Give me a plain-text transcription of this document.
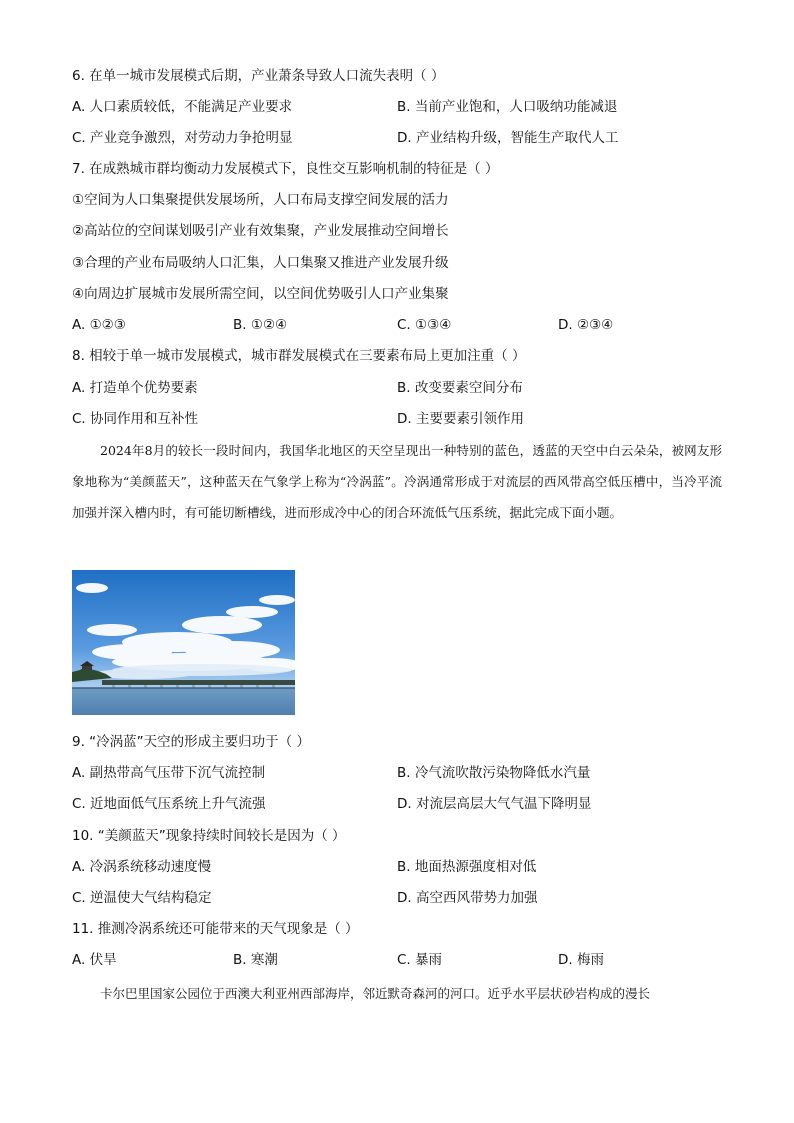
6. 在单一城市发展模式后期，产业萧条导致人口流失表明（ ）
A. 人口素质较低，不能满足产业要求	B. 当前产业饱和，人口吸纳功能减退
C. 产业竞争激烈，对劳动力争抢明显	D. 产业结构升级，智能生产取代人工
7. 在成熟城市群均衡动力发展模式下，良性交互影响机制的特征是（ ）
①空间为人口集聚提供发展场所，人口布局支撑空间发展的活力
②高站位的空间谋划吸引产业有效集聚，产业发展推动空间增长
③合理的产业布局吸纳人口汇集，人口集聚又推进产业发展升级
④向周边扩展城市发展所需空间，以空间优势吸引人口产业集聚
A. ①②③	B. ①②④	C. ①③④	D. ②③④
8. 相较于单一城市发展模式，城市群发展模式在三要素布局上更加注重（ ）
A. 打造单个优势要素	B. 改变要素空间分布
C. 协同作用和互补性	D. 主要要素引领作用
2024年8月的较长一段时间内，我国华北地区的天空呈现出一种特别的蓝色，透蓝的天空中白云朵朵，被网友形象地称为“美颜蓝天”，这种蓝天在气象学上称为“冷涡蓝”。冷涡通常形成于对流层的西风带高空低压槽中，当冷平流加强并深入槽内时，有可能切断槽线，进而形成冷中心的闭合环流低气压系统，据此完成下面小题。
9. “冷涡蓝”天空的形成主要归功于（ ）
A. 副热带高气压带下沉气流控制	B. 冷气流吹散污染物降低水汽量
C. 近地面低气压系统上升气流强	D. 对流层高层大气气温下降明显
10. “美颜蓝天”现象持续时间较长是因为（ ）
A. 冷涡系统移动速度慢	B. 地面热源强度相对低
C. 逆温使大气结构稳定	D. 高空西风带势力加强
11. 推测冷涡系统还可能带来的天气现象是（ ）
A. 伏旱	B. 寒潮	C. 暴雨	D. 梅雨
卡尔巴里国家公园位于西澳大利亚州西部海岸，邻近默奇森河的河口。近乎水平层状砂岩构成的漫长
